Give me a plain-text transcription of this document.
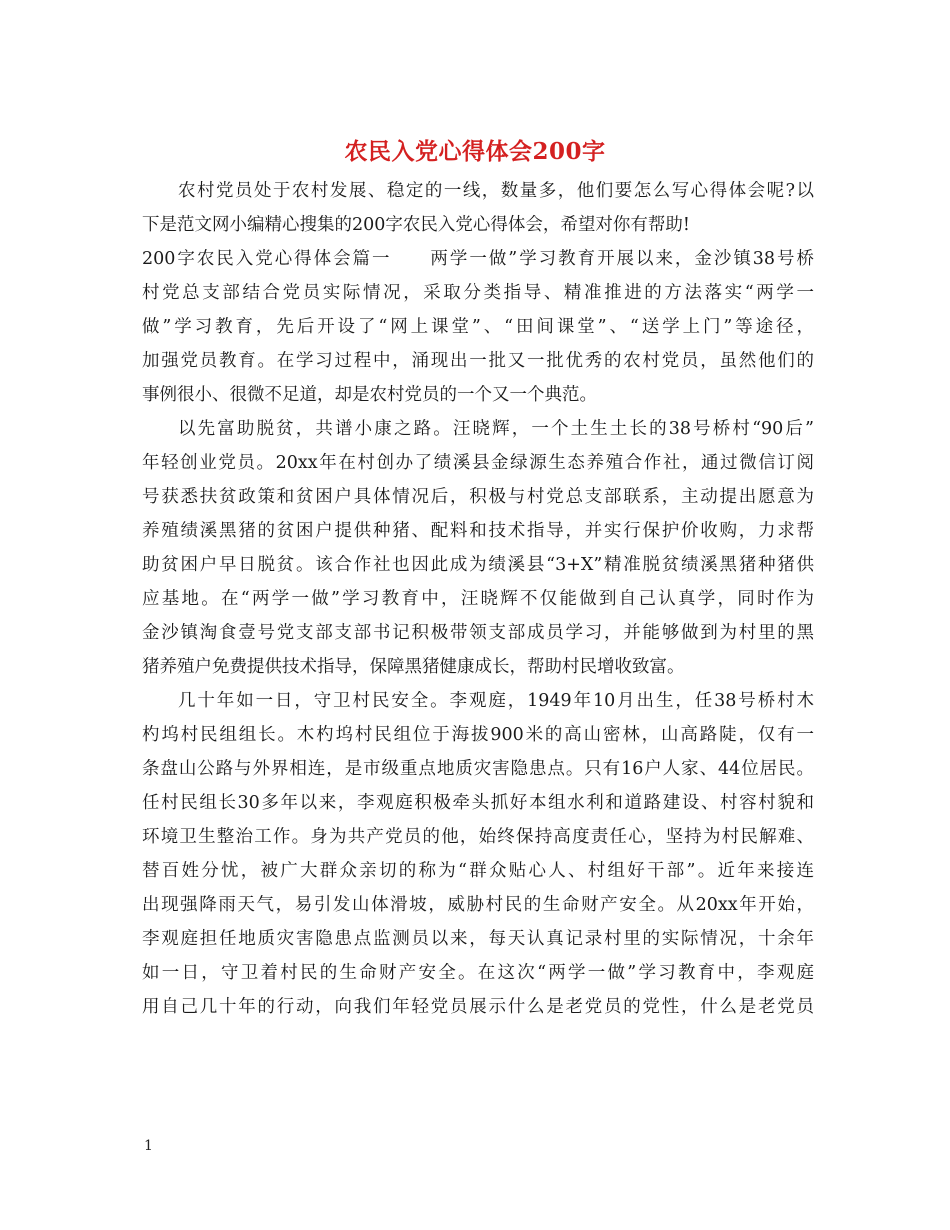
农民入党心得体会200字
农村党员处于农村发展、稳定的一线，数量多，他们要怎么写心得体会呢?以
下是范文网小编精心搜集的200字农民入党心得体会，希望对你有帮助!
200字农民入党心得体会篇一　　两学一做”学习教育开展以来，金沙镇38号桥
村党总支部结合党员实际情况，采取分类指导、精准推进的方法落实“两学一
做”学习教育，先后开设了“网上课堂”、“田间课堂”、“送学上门”等途径，
加强党员教育。在学习过程中，涌现出一批又一批优秀的农村党员，虽然他们的
事例很小、很微不足道，却是农村党员的一个又一个典范。
以先富助脱贫，共谱小康之路。汪晓辉，一个土生土长的38号桥村“90后”
年轻创业党员。20xx年在村创办了绩溪县金绿源生态养殖合作社，通过微信订阅
号获悉扶贫政策和贫困户具体情况后，积极与村党总支部联系，主动提出愿意为
养殖绩溪黑猪的贫困户提供种猪、配料和技术指导，并实行保护价收购，力求帮
助贫困户早日脱贫。该合作社也因此成为绩溪县“3+X”精准脱贫绩溪黑猪种猪供
应基地。在“两学一做”学习教育中，汪晓辉不仅能做到自己认真学，同时作为
金沙镇淘食壹号党支部支部书记积极带领支部成员学习，并能够做到为村里的黑
猪养殖户免费提供技术指导，保障黑猪健康成长，帮助村民增收致富。
几十年如一日，守卫村民安全。李观庭，1949年10月出生，任38号桥村木
杓坞村民组组长。木杓坞村民组位于海拔900米的高山密林，山高路陡，仅有一
条盘山公路与外界相连，是市级重点地质灾害隐患点。只有16户人家、44位居民。
任村民组长30多年以来，李观庭积极牵头抓好本组水利和道路建设、村容村貌和
环境卫生整治工作。身为共产党员的他，始终保持高度责任心，坚持为村民解难、
替百姓分忧，被广大群众亲切的称为“群众贴心人、村组好干部”。近年来接连
出现强降雨天气，易引发山体滑坡，威胁村民的生命财产安全。从20xx年开始，
李观庭担任地质灾害隐患点监测员以来，每天认真记录村里的实际情况，十余年
如一日，守卫着村民的生命财产安全。在这次“两学一做”学习教育中，李观庭
用自己几十年的行动，向我们年轻党员展示什么是老党员的党性，什么是老党员
1
